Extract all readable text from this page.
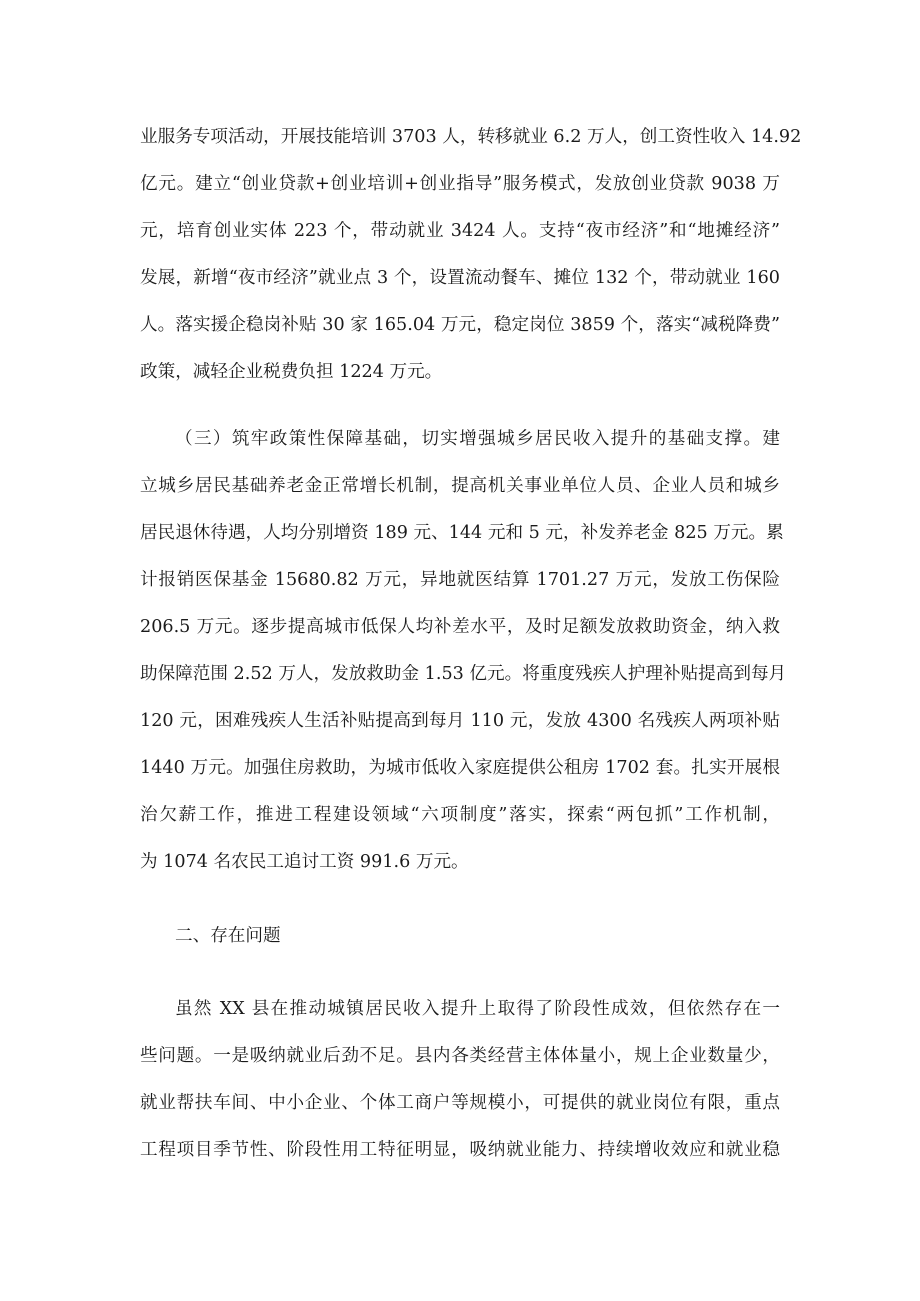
业服务专项活动，开展技能培训 3703 人，转移就业 6.2 万人，创工资性收入 14.92
亿元。建立“创业贷款+创业培训+创业指导”服务模式，发放创业贷款 9038 万
元，培育创业实体 223 个，带动就业 3424 人。支持“夜市经济”和“地摊经济”
发展，新增“夜市经济”就业点 3 个，设置流动餐车、摊位 132 个，带动就业 160
人。落实援企稳岗补贴 30 家 165.04 万元，稳定岗位 3859 个，落实“减税降费”
政策，减轻企业税费负担 1224 万元。
（三）筑牢政策性保障基础，切实增强城乡居民收入提升的基础支撑。建
立城乡居民基础养老金正常增长机制，提高机关事业单位人员、企业人员和城乡
居民退休待遇，人均分别增资 189 元、144 元和 5 元，补发养老金 825 万元。累
计报销医保基金 15680.82 万元，异地就医结算 1701.27 万元，发放工伤保险
206.5 万元。逐步提高城市低保人均补差水平，及时足额发放救助资金，纳入救
助保障范围 2.52 万人，发放救助金 1.53 亿元。将重度残疾人护理补贴提高到每月
120 元，困难残疾人生活补贴提高到每月 110 元，发放 4300 名残疾人两项补贴
1440 万元。加强住房救助，为城市低收入家庭提供公租房 1702 套。扎实开展根
治欠薪工作，推进工程建设领域“六项制度”落实，探索“两包抓”工作机制，
为 1074 名农民工追讨工资 991.6 万元。
二、存在问题
虽然 XX 县在推动城镇居民收入提升上取得了阶段性成效，但依然存在一
些问题。一是吸纳就业后劲不足。县内各类经营主体体量小，规上企业数量少，
就业帮扶车间、中小企业、个体工商户等规模小，可提供的就业岗位有限，重点
工程项目季节性、阶段性用工特征明显，吸纳就业能力、持续增收效应和就业稳
